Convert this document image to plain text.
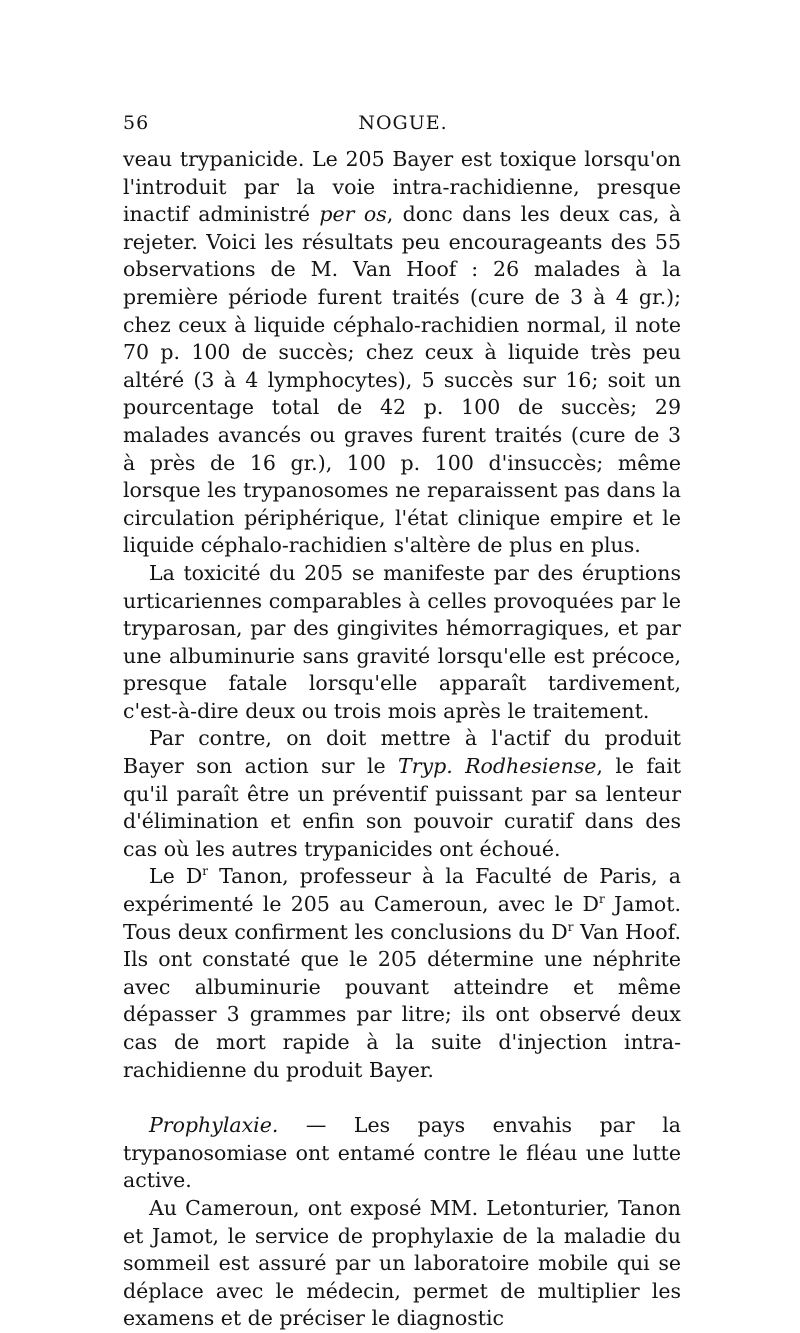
56	NOGUE.

veau trypanicide. Le 205 Bayer est toxique lorsqu'on l'introduit par la voie intra-rachidienne, presque inactif administré per os, donc dans les deux cas, à rejeter. Voici les résultats peu encourageants des 55 observations de M. Van Hoof : 26 malades à la première période furent traités (cure de 3 à 4 gr.); chez ceux à liquide céphalo-rachidien normal, il note 70 p. 100 de succès; chez ceux à liquide très peu altéré (3 à 4 lymphocytes), 5 succès sur 16; soit un pourcentage total de 42 p. 100 de succès; 29 malades avancés ou graves furent traités (cure de 3 à près de 16 gr.), 100 p. 100 d'insuccès; même lorsque les trypanosomes ne reparaissent pas dans la circulation périphérique, l'état clinique empire et le liquide céphalo-rachidien s'altère de plus en plus.

La toxicité du 205 se manifeste par des éruptions urticariennes comparables à celles provoquées par le tryparosan, par des gingivites hémorragiques, et par une albuminurie sans gravité lorsqu'elle est précoce, presque fatale lorsqu'elle apparaît tardivement, c'est-à-dire deux ou trois mois après le traitement.

Par contre, on doit mettre à l'actif du produit Bayer son action sur le Tryp. Rodhesiense, le fait qu'il paraît être un préventif puissant par sa lenteur d'élimination et enfin son pouvoir curatif dans des cas où les autres trypanicides ont échoué.

Le $D^r$ Tanon, professeur à la Faculté de Paris, a expérimenté le 205 au Cameroun, avec le $D^r$ Jamot. Tous deux confirment les conclusions du $D^r$ Van Hoof. Ils ont constaté que le 205 détermine une néphrite avec albuminurie pouvant atteindre et même dépasser 3 grammes par litre; ils ont observé deux cas de mort rapide à la suite d'injection intra-rachidienne du produit Bayer.

Prophylaxie. — Les pays envahis par la trypanosomiase ont entamé contre le fléau une lutte active.

Au Cameroun, ont exposé MM. Letonturier, Tanon et Jamot, le service de prophylaxie de la maladie du sommeil est assuré par un laboratoire mobile qui se déplace avec le médecin, permet de multiplier les examens et de préciser le diagnostic
